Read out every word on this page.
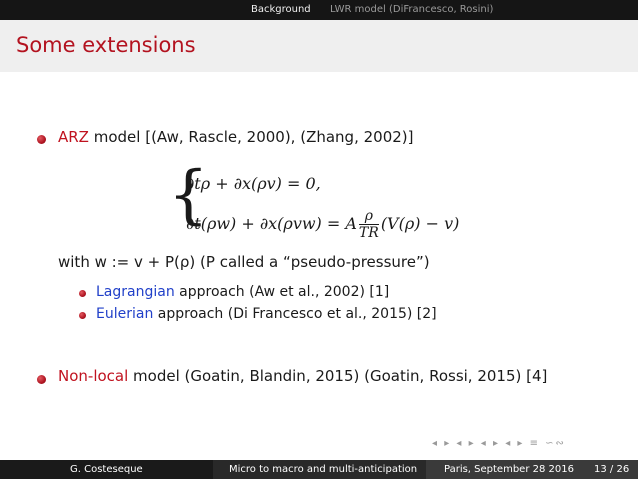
Background LWR model (DiFrancesco, Rosini)
Some extensions
ARZ model [(Aw, Rascle, 2000), (Zhang, 2002)]
{
∂tρ + ∂x(ρv) = 0,
∂t(ρw) + ∂x(ρvw) = A $\frac{\rho}{TR} (V(\rho) - v)$
with w := v + P(ρ) (P called a “pseudo-pressure”)
Lagrangian approach (Aw et al., 2002) [1]
Eulerian approach (Di Francesco et al., 2015) [2]
Non-local model (Goatin, Blandin, 2015) (Goatin, Rossi, 2015) [4]
◂ ▸ ◂ ▸ ◂ ▸ ◂ ▸ ≡ ∽∾
G. Costeseque	Micro to macro and multi-anticipation	Paris, September 28 2016 13 / 26
